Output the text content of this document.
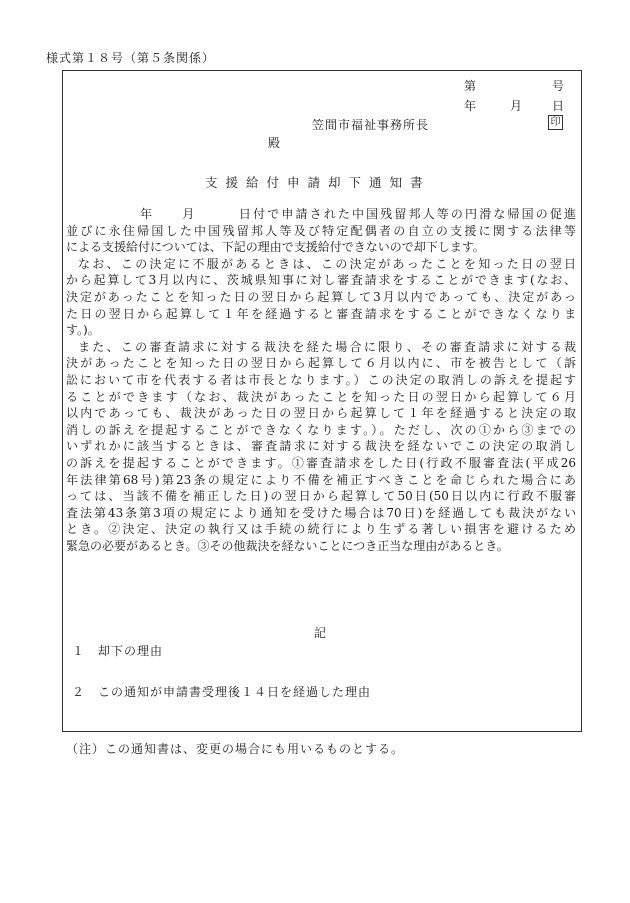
様式第１８号（第５条関係）
第	号
年	月 日
笠間市福祉事務所長	印
殿
支援給付申請却下通知書
年　　月　　　日付で申請された中国残留邦人等の円滑な帰国の促進
並びに永住帰国した中国残留邦人等及び特定配偶者の自立の支援に関する法律等
による支援給付については、下記の理由で支援給付できないので却下します。
なお、この決定に不服があるときは、この決定があったことを知った日の翌日
から起算して3月以内に、茨城県知事に対し審査請求をすることができます(なお、
決定があったことを知った日の翌日から起算して3月以内であっても、決定があっ
た日の翌日から起算して１年を経過すると審査請求をすることができなくなりま
す。)。
また、この審査請求に対する裁決を経た場合に限り、その審査請求に対する裁
決があったことを知った日の翌日から起算して６月以内に、市を被告として（訴
訟において市を代表する者は市長となります。）この決定の取消しの訴えを提起す
ることができます（なお、裁決があったことを知った日の翌日から起算して６月
以内であっても、裁決があった日の翌日から起算して１年を経過すると決定の取
消しの訴えを提起することができなくなります。）。ただし、次の①から③までの
いずれかに該当するときは、審査請求に対する裁決を経ないでこの決定の取消し
の訴えを提起することができます。①審査請求をした日(行政不服審査法(平成26
年法律第68号)第23条の規定により不備を補正すべきことを命じられた場合にあ
っては、当該不備を補正した日)の翌日から起算して50日(50日以内に行政不服審
査法第43条第3項の規定により通知を受けた場合は70日)を経過しても裁決がない
とき。②決定、決定の執行又は手続の続行により生ずる著しい損害を避けるため
緊急の必要があるとき。③その他裁決を経ないことにつき正当な理由があるとき。
記
１　却下の理由
２　この通知が申請書受理後１４日を経過した理由
（注）この通知書は、変更の場合にも用いるものとする。
